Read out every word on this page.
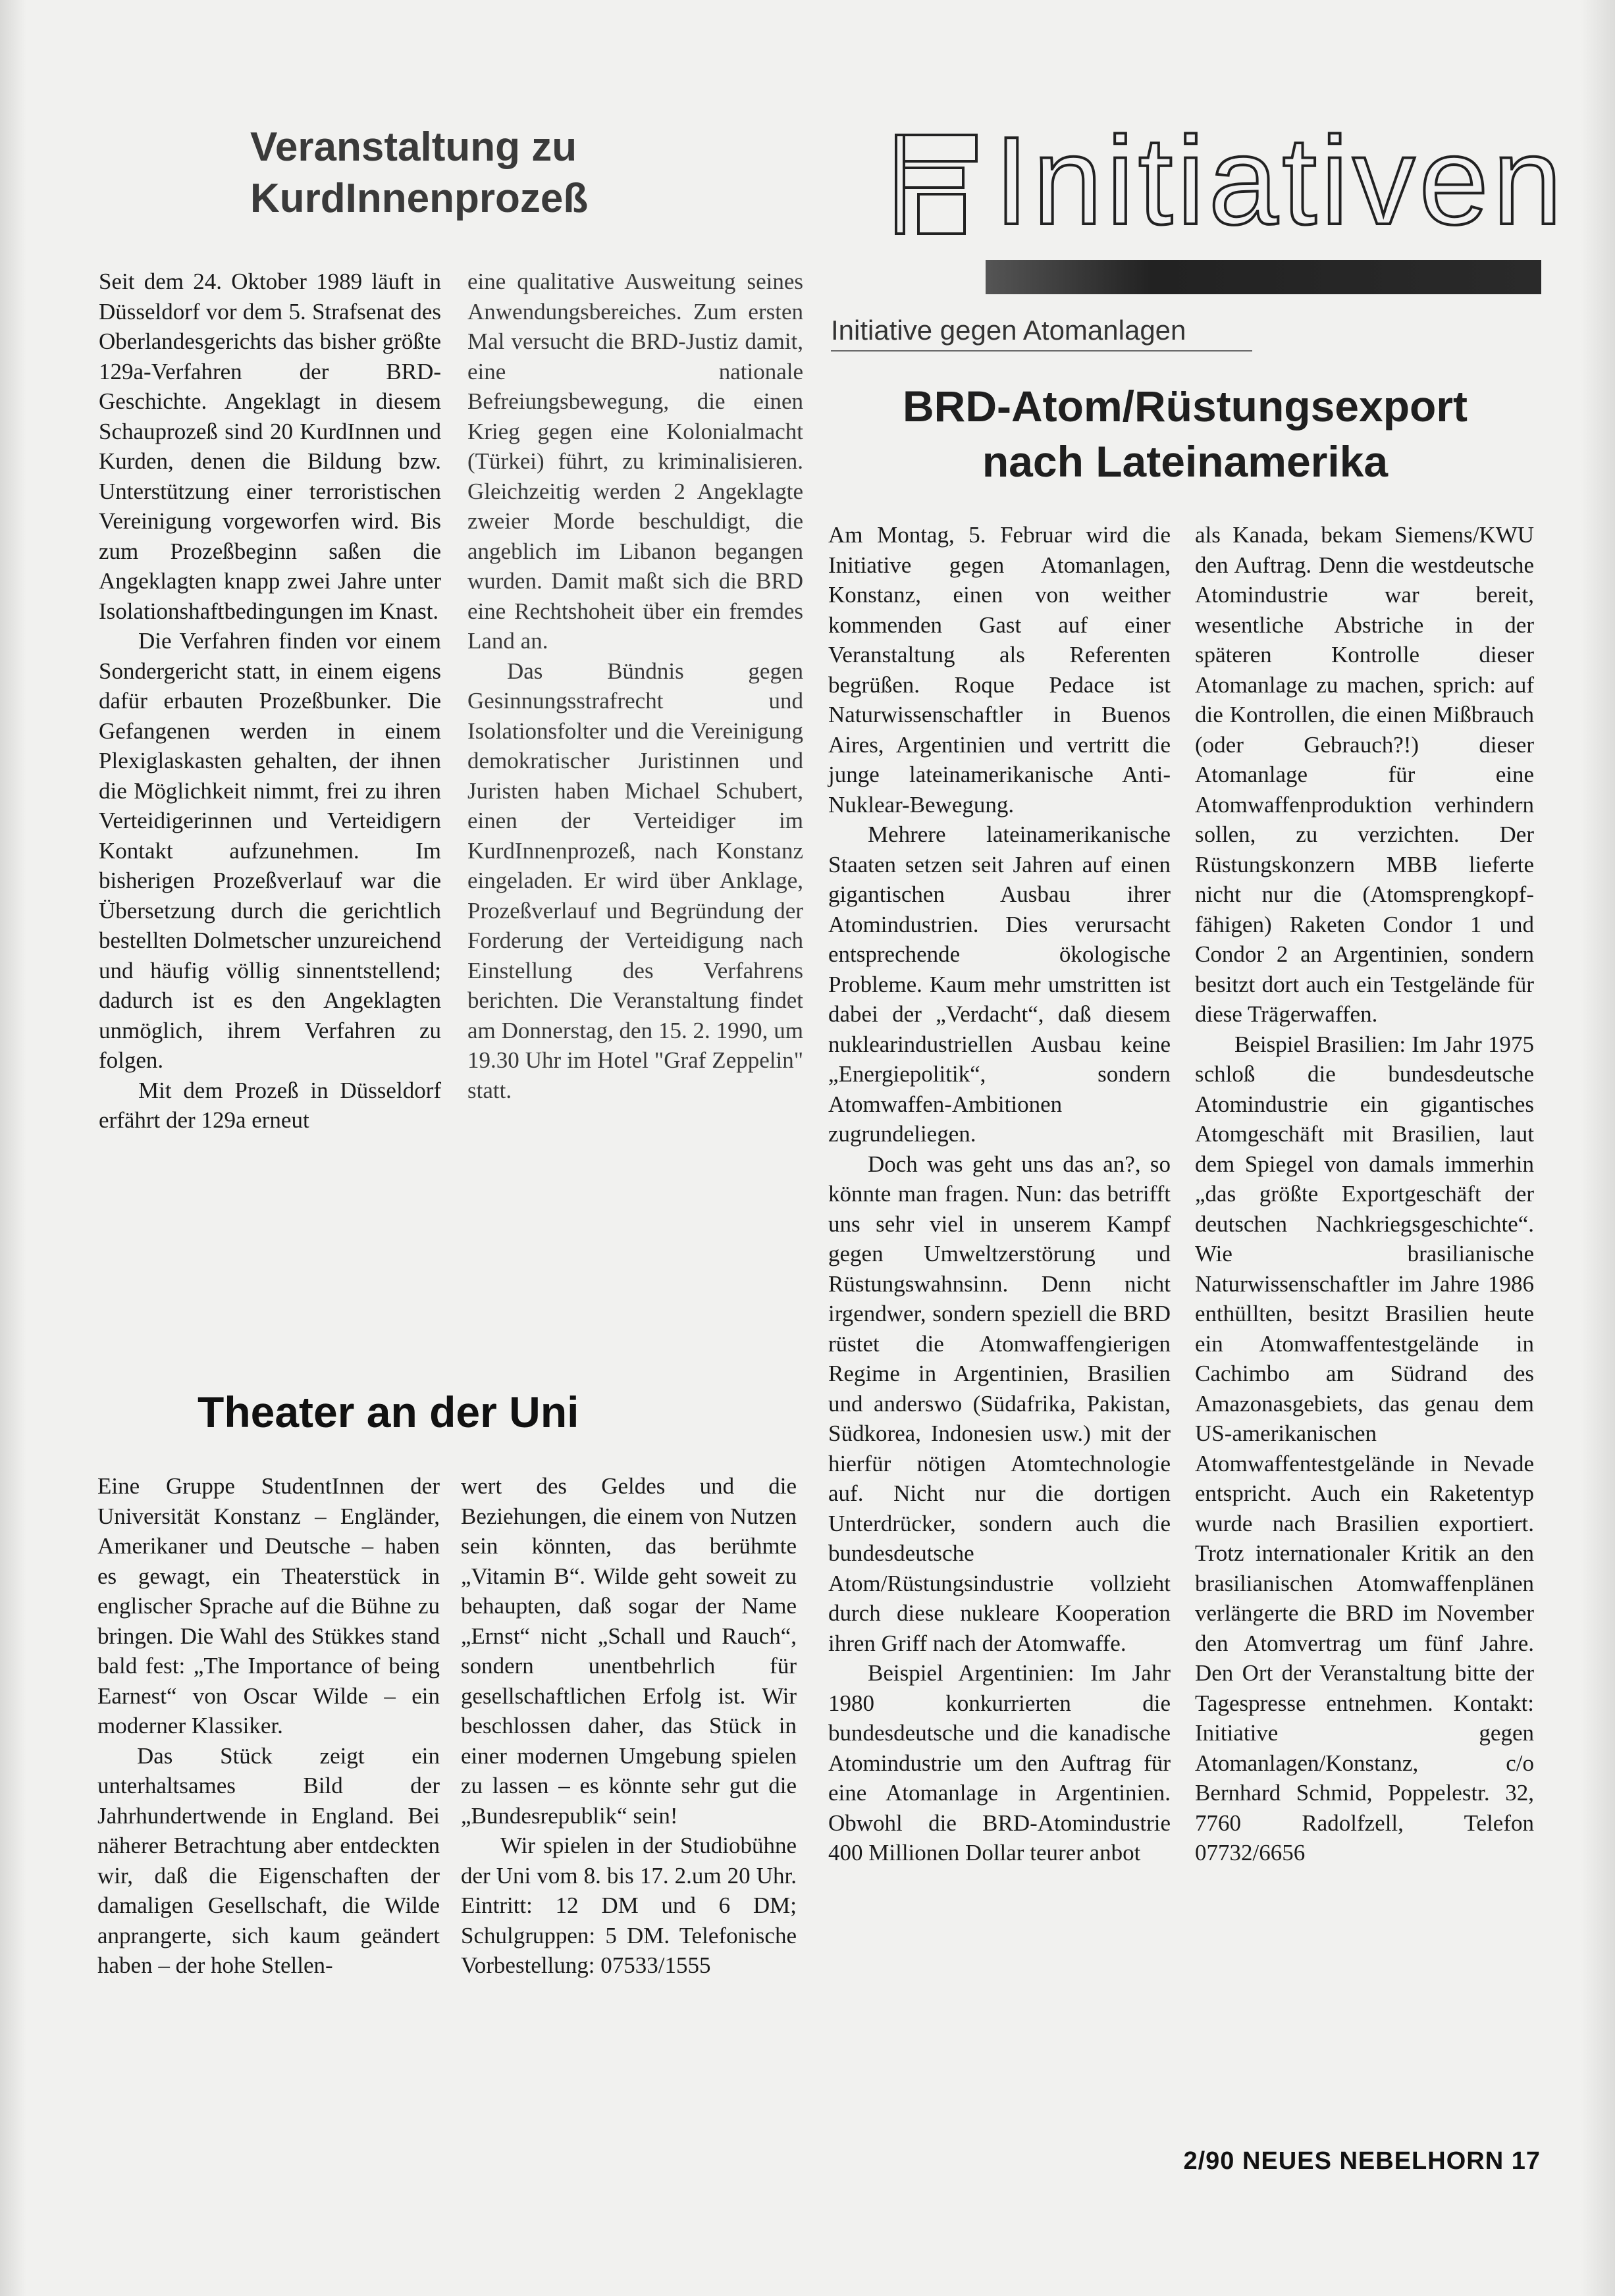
Veranstaltung zu
KurdInnenprozeß

Seit dem 24. Oktober 1989 läuft in Düsseldorf vor dem 5. Strafsenat des Oberlandesgerichts das bisher größte 129a-Verfahren der BRD-Geschichte. Angeklagt in diesem Schauprozeß sind 20 KurdInnen und Kurden, denen die Bildung bzw. Unterstützung einer terroristischen Vereinigung vorgeworfen wird. Bis zum Prozeßbeginn saßen die Angeklagten knapp zwei Jahre unter Isolationshaftbedingungen im Knast.

Die Verfahren finden vor einem Sondergericht statt, in einem eigens dafür erbauten Prozeßbunker. Die Gefangenen werden in einem Plexiglaskasten gehalten, der ihnen die Möglichkeit nimmt, frei zu ihren Verteidigerinnen und Verteidigern Kontakt aufzunehmen. Im bisherigen Prozeßverlauf war die Übersetzung durch die gerichtlich bestellten Dolmetscher unzureichend und häufig völlig sinnentstellend; dadurch ist es den Angeklagten unmöglich, ihrem Verfahren zu folgen.

Mit dem Prozeß in Düsseldorf erfährt der 129a erneut

eine qualitative Ausweitung seines Anwendungsbereiches. Zum ersten Mal versucht die BRD-Justiz damit, eine nationale Befreiungsbewegung, die einen Krieg gegen eine Kolonialmacht (Türkei) führt, zu kriminalisieren. Gleichzeitig werden 2 Angeklagte zweier Morde beschuldigt, die angeblich im Libanon begangen wurden. Damit maßt sich die BRD eine Rechtshoheit über ein fremdes Land an.

Das Bündnis gegen Gesinnungsstrafrecht und Isolationsfolter und die Vereinigung demokratischer Juristinnen und Juristen haben Michael Schubert, einen der Verteidiger im KurdInnenprozeß, nach Konstanz eingeladen. Er wird über Anklage, Prozeßverlauf und Begründung der Forderung der Verteidigung nach Einstellung des Verfahrens berichten. Die Veranstaltung findet am Donnerstag, den 15. 2. 1990, um 19.30 Uhr im Hotel "Graf Zeppelin" statt.

Initiativen
Initiative gegen Atomanlagen
BRD-Atom/Rüstungsexport
nach Lateinamerika

Am Montag, 5. Februar wird die Initiative gegen Atomanlagen, Konstanz, einen von weither kommenden Gast auf einer Veranstaltung als Referenten begrüßen. Roque Pedace ist Naturwissenschaftler in Buenos Aires, Argentinien und vertritt die junge lateinamerikanische Anti-Nuklear-Bewegung.

Mehrere lateinamerikanische Staaten setzen seit Jahren auf einen gigantischen Ausbau ihrer Atomindustrien. Dies verursacht entsprechende ökologische Probleme. Kaum mehr umstritten ist dabei der „Verdacht“, daß diesem nuklearindustriellen Ausbau keine „Energiepolitik“, sondern Atomwaffen-Ambitionen zugrundeliegen.

Doch was geht uns das an?, so könnte man fragen. Nun: das betrifft uns sehr viel in unserem Kampf gegen Umweltzerstörung und Rüstungswahnsinn. Denn nicht irgendwer, sondern speziell die BRD rüstet die Atomwaffengierigen Regime in Argentinien, Brasilien und anderswo (Südafrika, Pakistan, Südkorea, Indonesien usw.) mit der hierfür nötigen Atomtechnologie auf. Nicht nur die dortigen Unterdrücker, sondern auch die bundesdeutsche Atom/Rüstungsindustrie vollzieht durch diese nukleare Kooperation ihren Griff nach der Atomwaffe.

Beispiel Argentinien: Im Jahr 1980 konkurrierten die bundesdeutsche und die kanadische Atomindustrie um den Auftrag für eine Atomanlage in Argentinien. Obwohl die BRD-Atomindustrie 400 Millionen Dollar teurer anbot

als Kanada, bekam Siemens/KWU den Auftrag. Denn die westdeutsche Atomindustrie war bereit, wesentliche Abstriche in der späteren Kontrolle dieser Atomanlage zu machen, sprich: auf die Kontrollen, die einen Mißbrauch (oder Gebrauch?!) dieser Atomanlage für eine Atomwaffenproduktion verhindern sollen, zu verzichten. Der Rüstungskonzern MBB lieferte nicht nur die (Atomsprengkopf-fähigen) Raketen Condor 1 und Condor 2 an Argentinien, sondern besitzt dort auch ein Testgelände für diese Trägerwaffen.

Beispiel Brasilien: Im Jahr 1975 schloß die bundesdeutsche Atomindustrie ein gigantisches Atomgeschäft mit Brasilien, laut dem Spiegel von damals immerhin „das größte Exportgeschäft der deutschen Nachkriegsgeschichte“. Wie brasilianische Naturwissenschaftler im Jahre 1986 enthüllten, besitzt Brasilien heute ein Atomwaffentestgelände in Cachimbo am Südrand des Amazonasgebiets, das genau dem US-amerikanischen Atomwaffentestgelände in Nevade entspricht. Auch ein Raketentyp wurde nach Brasilien exportiert. Trotz internationaler Kritik an den brasilianischen Atomwaffenplänen verlängerte die BRD im November den Atomvertrag um fünf Jahre. Den Ort der Veranstaltung bitte der Tagespresse entnehmen. Kontakt: Initiative gegen Atomanlagen/Konstanz, c/o Bernhard Schmid, Poppelestr. 32, 7760 Radolfzell, Telefon 07732/6656

Theater an der Uni

Eine Gruppe StudentInnen der Universität Konstanz – Engländer, Amerikaner und Deutsche – haben es gewagt, ein Theaterstück in englischer Sprache auf die Bühne zu bringen. Die Wahl des Stükkes stand bald fest: „The Importance of being Earnest“ von Oscar Wilde – ein moderner Klassiker.

Das Stück zeigt ein unterhaltsames Bild der Jahrhundertwende in England. Bei näherer Betrachtung aber entdeckten wir, daß die Eigenschaften der damaligen Gesellschaft, die Wilde anprangerte, sich kaum geändert haben – der hohe Stellen-

wert des Geldes und die Beziehungen, die einem von Nutzen sein könnten, das berühmte „Vitamin B“. Wilde geht soweit zu behaupten, daß sogar der Name „Ernst“ nicht „Schall und Rauch“, sondern unentbehrlich für gesellschaftlichen Erfolg ist. Wir beschlossen daher, das Stück in einer modernen Umgebung spielen zu lassen – es könnte sehr gut die „Bundesrepublik“ sein!

Wir spielen in der Studiobühne der Uni vom 8. bis 17. 2.um 20 Uhr. Eintritt: 12 DM und 6 DM; Schulgruppen: 5 DM. Telefonische Vorbestellung: 07533/1555

2/90 NEUES NEBELHORN 17
